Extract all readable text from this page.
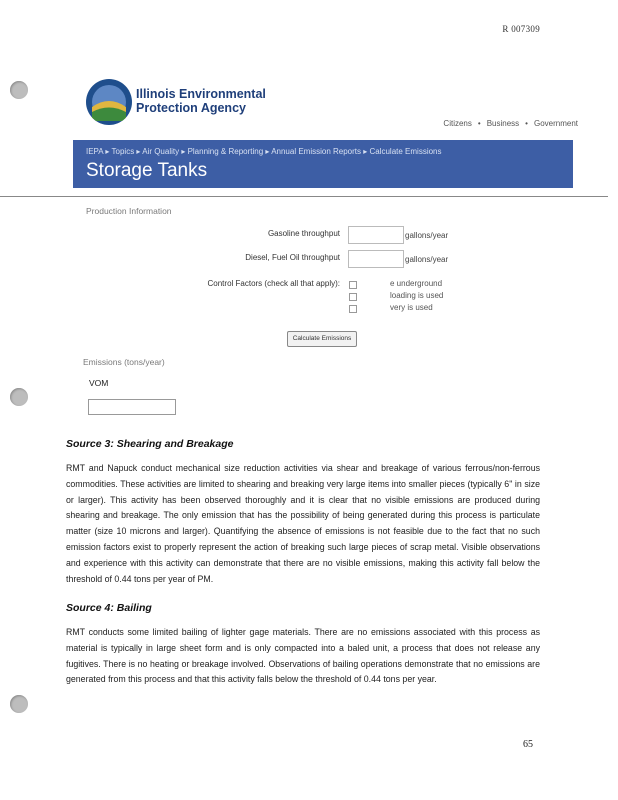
R 007309
Illinois Environmental
Protection Agency
Citizens • Business • Government
IEPA ▸ Topics ▸ Air Quality ▸ Planning & Reporting ▸ Annual Emission Reports ▸ Calculate Emissions
Storage Tanks
Production Information
Gasoline throughput	gallons/year
Diesel, Fuel Oil throughput	gallons/year
Control Factors (check all that apply):	e underground
loading is used
very is used
Calculate Emissions
Emissions (tons/year)
VOM
Source 3: Shearing and Breakage
RMT and Napuck conduct mechanical size reduction activities via shear and breakage of various ferrous/non-ferrous commodities. These activities are limited to shearing and breaking very large items into smaller pieces (typically 6" in size or larger). This activity has been observed thoroughly and it is clear that no visible emissions are produced during shearing and breakage. The only emission that has the possibility of being generated during this process is particulate matter (size 10 microns and larger). Quantifying the absence of emissions is not feasible due to the fact that no such emission factors exist to properly represent the action of breaking such large pieces of scrap metal. Visible observations and experience with this activity can demonstrate that there are no visible emissions, making this activity fall below the threshold of 0.44 tons per year of PM.
Source 4: Bailing
RMT conducts some limited bailing of lighter gage materials. There are no emissions associated with this process as material is typically in large sheet form and is only compacted into a baled unit, a process that does not release any fugitives. There is no heating or breakage involved. Observations of bailing operations demonstrate that no emissions are generated from this process and that this activity falls below the threshold of 0.44 tons per year.
65
